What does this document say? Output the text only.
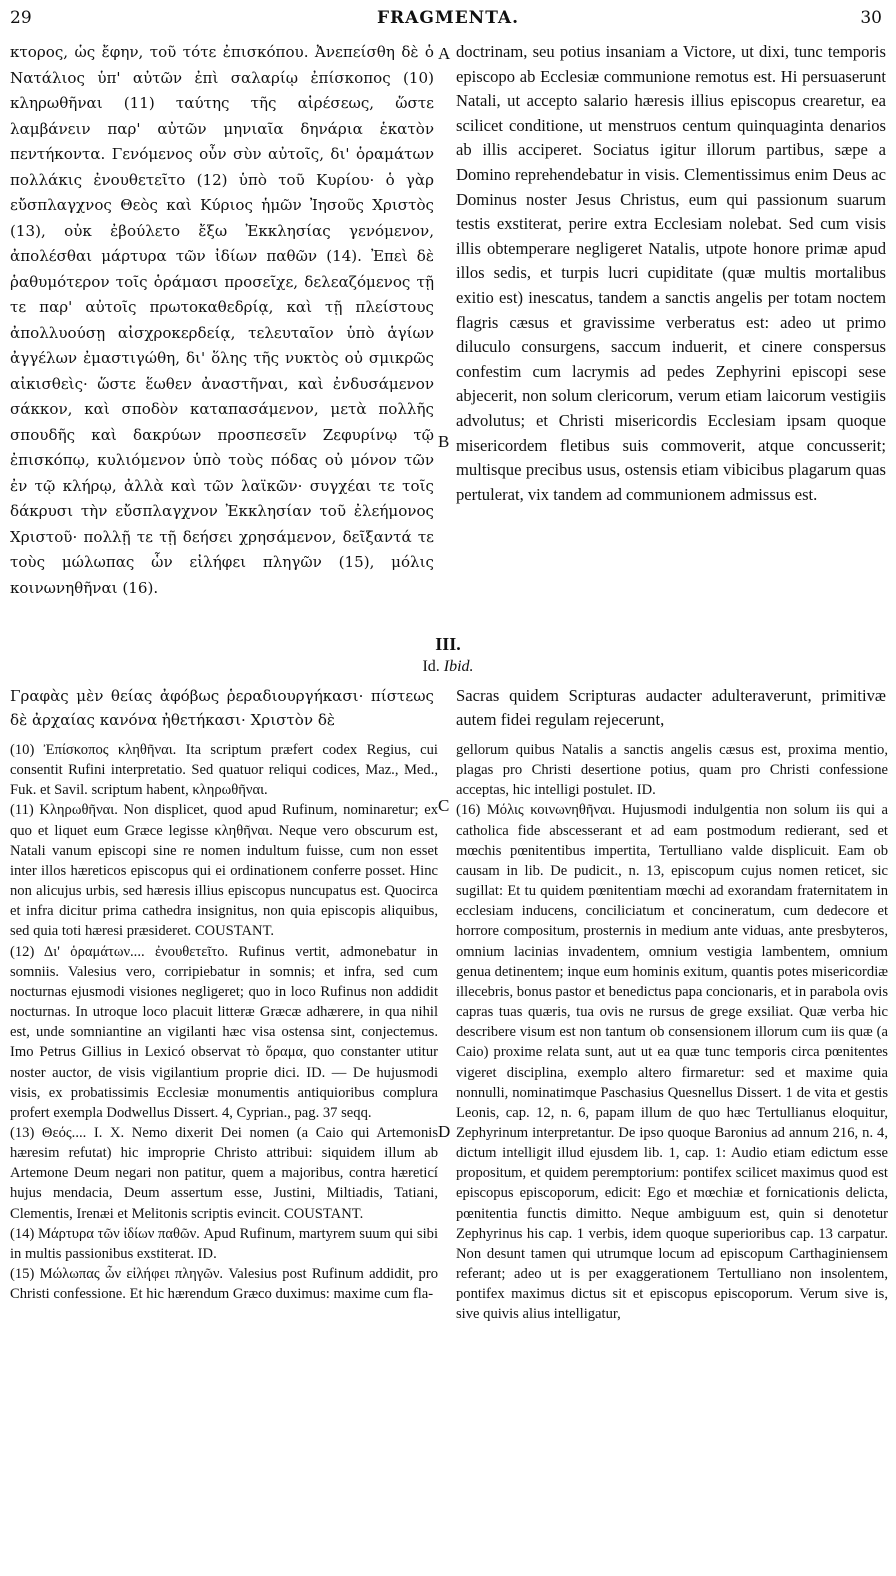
29	FRAGMENTA.	30

κτορος, ὡς ἔφην, τοῦ τότε ἐπισκόπου. Ἀνεπείσθη δὲ ὁ Νατάλιος ὑπ' αὐτῶν ἐπὶ σαλαρίῳ ἐπίσκοπος (10) κληρωθῆναι (11) ταύτης τῆς αἱρέσεως, ὥστε λαμβάνειν παρ' αὐτῶν μηνιαῖα δηνάρια ἑκατὸν πεντήκοντα. Γενόμενος οὖν σὺν αὐτοῖς, δι' ὁραμάτων πολλάκις ἐνουθετεῖτο (12) ὑπὸ τοῦ Κυρίου· ὁ γὰρ εὔσπλαγχνος Θεὸς καὶ Κύριος ἡμῶν Ἰησοῦς Χριστὸς (13), οὐκ ἐβούλετο ἔξω Ἐκκλησίας γενόμενον, ἀπολέσθαι μάρτυρα τῶν ἰδίων παθῶν (14). Ἐπεὶ δὲ ῥαθυμότερον τοῖς ὁράμασι προσεῖχε, δελεαζόμενος τῇ τε παρ' αὐτοῖς πρωτοκαθεδρίᾳ, καὶ τῇ πλείστους ἀπολλυούσῃ αἰσχροκερδείᾳ, τελευταῖον ὑπὸ ἁγίων ἀγγέλων ἐμαστιγώθη, δι' ὅλης τῆς νυκτὸς οὐ σμικρῶς αἰκισθεὶς· ὥστε ἕωθεν ἀναστῆναι, καὶ ἐνδυσάμενον σάκκον, καὶ σποδὸν καταπασάμενον, μετὰ πολλῆς σπουδῆς καὶ δακρύων προσπεσεῖν Ζεφυρίνῳ τῷ ἐπισκόπῳ, κυλιόμενον ὑπὸ τοὺς πόδας οὐ μόνον τῶν ἐν τῷ κλήρῳ, ἀλλὰ καὶ τῶν λαϊκῶν· συγχέαι τε τοῖς δάκρυσι τὴν εὔσπλαγχνον Ἐκκλησίαν τοῦ ἐλεήμονος Χριστοῦ· πολλῇ τε τῇ δεήσει χρησάμενον, δεῖξαντά τε τοὺς μώλωπας ὧν εἰλήφει πληγῶν (15), μόλις κοινωνηθῆναι (16).

doctrinam, seu potius insaniam a Victore, ut dixi, tunc temporis episcopo ab Ecclesiæ communione remotus est. Hi persuaserunt Natali, ut accepto salario hæresis illius episcopus crearetur, ea scilicet conditione, ut menstruos centum quinquaginta denarios ab illis acciperet. Sociatus igitur illorum partibus, sæpe a Domino reprehendebatur in visis. Clementissimus enim Deus ac Dominus noster Jesus Christus, eum qui passionum suarum testis exstiterat, perire extra Ecclesiam nolebat. Sed cum visis illis obtemperare negligeret Natalis, utpote honore primæ apud illos sedis, et turpis lucri cupiditate (quæ multis mortalibus exitio est) inescatus, tandem a sanctis angelis per totam noctem flagris cæsus et gravissime verberatus est: adeo ut primo diluculo consurgens, saccum induerit, et cinere conspersus confestim cum lacrymis ad pedes Zephyrini episcopi sese abjecerit, non solum clericorum, verum etiam laicorum vestigiis advolutus; et Christi misericordis Ecclesiam ipsam quoque misericordem fletibus suis commoverit, atque concusserit; multisque precibus usus, ostensis etiam vibicibus plagarum quas pertulerat, vix tandem ad communionem admissus est.

A
B
C
D
III.
Id. Ibid.

Γραφὰς μὲν θείας ἀφόβως ῥεραδιουργήκασι· πίστεως δὲ ἀρχαίας κανόνα ἠθετήκασι· Χριστὸν δὲ

Sacras quidem Scripturas audacter adulteraverunt, primitivæ autem fidei regulam rejecerunt,

(10) Ἐπίσκοπος κληθῆναι. Ita scriptum præfert codex Regius, cui consentit Rufini interpretatio. Sed quatuor reliqui codices, Maz., Med., Fuk. et Savil. scriptum habent, κληρωθῆναι.

(11) Κληρωθῆναι. Non displicet, quod apud Rufinum, nominaretur; ex quo et liquet eum Græce legisse κληθῆναι. Neque vero obscurum est, Natali vanum episcopi sine re nomen indultum fuisse, cum non esset inter illos hæreticos episcopus qui ei ordinationem conferre posset. Hinc non alicujus urbis, sed hæresis illius episcopus nuncupatus est. Quocirca et infra dicitur prima cathedra insignitus, non quia episcopis aliquibus, sed quia toti hæresi præsideret. COUSTANT.

(12) Δι' ὁραμάτων.... ἐνουθετεῖτο. Rufinus vertit, admonebatur in somniis. Valesius vero, corripiebatur in somnis; et infra, sed cum nocturnas ejusmodi visiones negligeret; quo in loco Rufinus non addidit nocturnas. In utroque loco placuit litteræ Græcæ adhærere, in qua nihil est, unde somniantine an vigilanti hæc visa ostensa sint, conjectemus. Imo Petrus Gillius in Lexicó observat τὸ ὅραμα, quo constanter utitur noster auctor, de visis vigilantium proprie dici. ID. — De hujusmodi visis, ex probatissimis Ecclesiæ monumentis antiquioribus complura profert exempla Dodwellus Dissert. 4, Cyprian., pag. 37 seqq.

(13) Θεός.... I. X. Nemo dixerit Dei nomen (a Caio qui Artemonis hæresim refutat) hic improprie Christo attribui: siquidem illum ab Artemone Deum negari non patitur, quem a majoribus, contra hæreticí hujus mendacia, Deum assertum esse, Justini, Miltiadis, Tatiani, Clementis, Irenæi et Melitonis scriptis evincit. COUSTANT.

(14) Μάρτυρα τῶν ἰδίων παθῶν. Apud Rufinum, martyrem suum qui sibi in multis passionibus exstiterat. ID.

(15) Μώλωπας ὧν εἰλήφει πληγῶν. Valesius post Rufinum addidit, pro Christi confessione. Et hic hærendum Græco duximus: maxime cum fla-

gellorum quibus Natalis a sanctis angelis cæsus est, proxima mentio, plagas pro Christi desertione potius, quam pro Christi confessione acceptas, hic intelligi postulet. ID.

(16) Μόλις κοινωνηθῆναι. Hujusmodi indulgentia non solum iis qui a catholica fide abscesserant et ad eam postmodum redierant, sed et mœchis pœnitentibus impertita, Tertulliano valde displicuit. Eam ob causam in lib. De pudicit., n. 13, episcopum cujus nomen reticet, sic sugillat: Et tu quidem pœnitentiam mœchi ad exorandam fraternitatem in ecclesiam inducens, conciliciatum et concineratum, cum dedecore et horrore compositum, prosternis in medium ante viduas, ante presbyteros, omnium lacinias invadentem, omnium vestigia lambentem, omnium genua detinentem; inque eum hominis exitum, quantis potes misericordiæ illecebris, bonus pastor et benedictus papa concionaris, et in parabola ovis capras tuas quæris, tua ovis ne rursus de grege exsiliat. Quæ verba hic describere visum est non tantum ob consensionem illorum cum iis quæ (a Caio) proxime relata sunt, aut ut ea quæ tunc temporis circa pœnitentes vigeret disciplina, exemplo altero firmaretur: sed et maxime quia nonnulli, nominatimque Paschasius Quesnellus Dissert. 1 de vita et gestis Leonis, cap. 12, n. 6, papam illum de quo hæc Tertullianus eloquitur, Zephyrinum interpretantur. De ipso quoque Baronius ad annum 216, n. 4, dictum intelligit illud ejusdem lib. 1, cap. 1: Audio etiam edictum esse propositum, et quidem peremptorium: pontifex scilicet maximus quod est episcopus episcoporum, edicit: Ego et mœchiæ et fornicationis delicta, pœnitentia functis dimitto. Neque ambiguum est, quin si denotetur Zephyrinus his cap. 1 verbis, idem quoque superioribus cap. 13 carpatur. Non desunt tamen qui utrumque locum ad episcopum Carthaginiensem referant; adeo ut is per exaggerationem Tertulliano non insolentem, pontifex maximus dictus sit et episcopus episcoporum. Verum sive is, sive quivis alius intelligatur,
